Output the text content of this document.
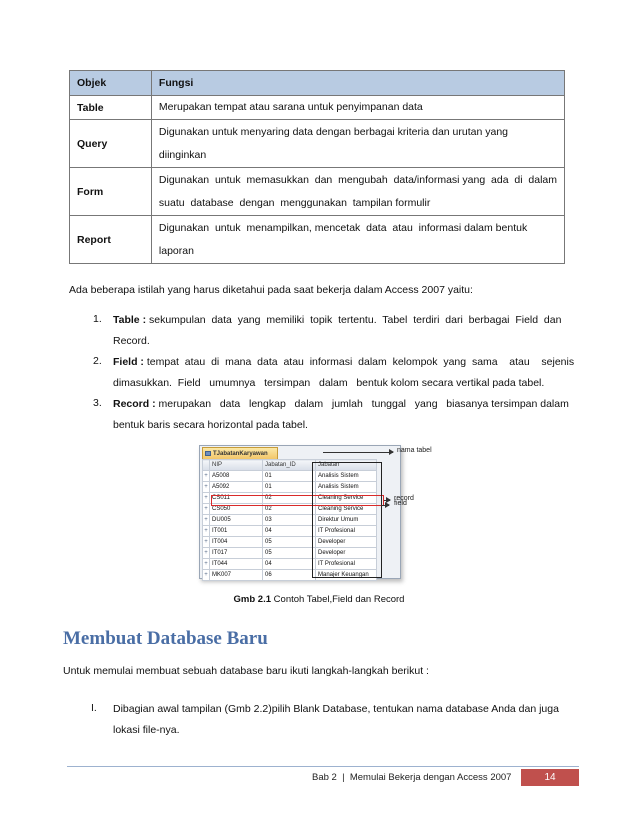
Objek	Fungsi
Table	Merupakan tempat atau sarana untuk penyimpanan data
Query	Digunakan untuk menyaring data dengan berbagai kriteria dan urutan yang
diinginkan

Form	Digunakan  untuk  memasukkan  dan  mengubah  data/informasi yang  ada  di  dalam
suatu  database  dengan  menggunakan  tampilan formulir

Report	Digunakan  untuk  menampilkan, mencetak  data  atau  informasi dalam bentuk
laporan
Ada beberapa istilah yang harus diketahui pada saat bekerja dalam Access 2007 yaitu:
1. Table : sekumpulan  data  yang  memiliki  topik  tertentu.  Tabel  terdiri  dari  berbagai  Field  dan
Record.
2. Field : tempat  atau  di  mana  data  atau  informasi  dalam  kelompok  yang  sama    atau    sejenis
dimasukkan.  Field   umumnya   tersimpan   dalam   bentuk kolom secara vertikal pada tabel.
3. Record : merupakan   data   lengkap   dalam   jumlah   tunggal   yang   biasanya tersimpan dalam
bentuk baris secara horizontal pada tabel.
TJabatanKaryawan
	NIP	Jabatan_ID	Jabatan
+	A5008	01	Analisis Sistem
+	A5092	01	Analisis Sistem
+	CS011	02	Cleaning Service
+	CS050	02	Cleaning Service
+	DU005	03	Direktur Umum
+	IT001	04	IT Profesional
+	IT004	05	Developer
+	IT017	05	Developer
+	IT044	04	IT Profesional
+	MK007	06	Manajer Keuangan
nama tabel
record
field
Gmb 2.1 Contoh Tabel,Field dan Record
Membuat Database Baru
Untuk memulai membuat sebuah database baru ikuti langkah-langkah berikut :
I. Dibagian awal tampilan (Gmb 2.2)pilih Blank Database, tentukan nama database Anda dan juga
lokasi file-nya.
Bab 2  |  Memulai Bekerja dengan Access 2007	14
